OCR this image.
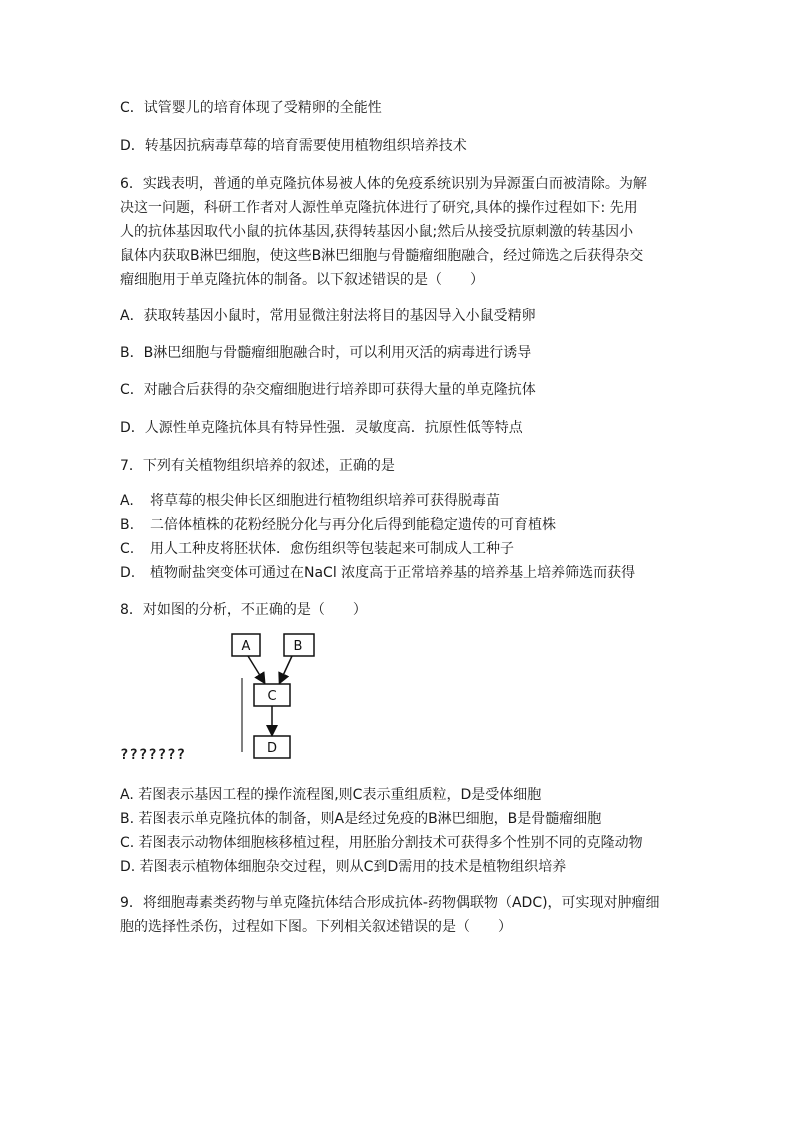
C．试管婴儿的培育体现了受精卵的全能性
D．转基因抗病毒草莓的培育需要使用植物组织培养技术
6．实践表明，普通的单克隆抗体易被人体的免疫系统识别为异源蛋白而被清除。为解
决这一问题，科研工作者对人源性单克隆抗体进行了研究,具体的操作过程如下: 先用
人的抗体基因取代小鼠的抗体基因,获得转基因小鼠;然后从接受抗原刺激的转基因小
鼠体内获取B淋巴细胞，使这些B淋巴细胞与骨髓瘤细胞融合，经过筛选之后获得杂交
瘤细胞用于单克隆抗体的制备。以下叙述错误的是（　　）
A．获取转基因小鼠时，常用显微注射法将目的基因导入小鼠受精卵
B．B淋巴细胞与骨髓瘤细胞融合时，可以利用灭活的病毒进行诱导
C．对融合后获得的杂交瘤细胞进行培养即可获得大量的单克隆抗体
D．人源性单克隆抗体具有特异性强．灵敏度高．抗原性低等特点
7．下列有关植物组织培养的叙述，正确的是
A. 将草莓的根尖伸长区细胞进行植物组织培养可获得脱毒苗
B. 二倍体植株的花粉经脱分化与再分化后得到能稳定遗传的可育植株
C. 用人工种皮将胚状体．愈伤组织等包装起来可制成人工种子
D. 植物耐盐突变体可通过在NaCl 浓度高于正常培养基的培养基上培养筛选而获得
8．对如图的分析，不正确的是（　　）
A	B
C
D
???????
A. 若图表示基因工程的操作流程图,则C表示重组质粒，D是受体细胞
B. 若图表示单克隆抗体的制备，则A是经过免疫的B淋巴细胞，B是骨髓瘤细胞
C. 若图表示动物体细胞核移植过程，用胚胎分割技术可获得多个性别不同的克隆动物
D. 若图表示植物体细胞杂交过程，则从C到D需用的技术是植物组织培养
9．将细胞毒素类药物与单克隆抗体结合形成抗体-药物偶联物（ADC)，可实现对肿瘤细
胞的选择性杀伤，过程如下图。下列相关叙述错误的是（　　）
